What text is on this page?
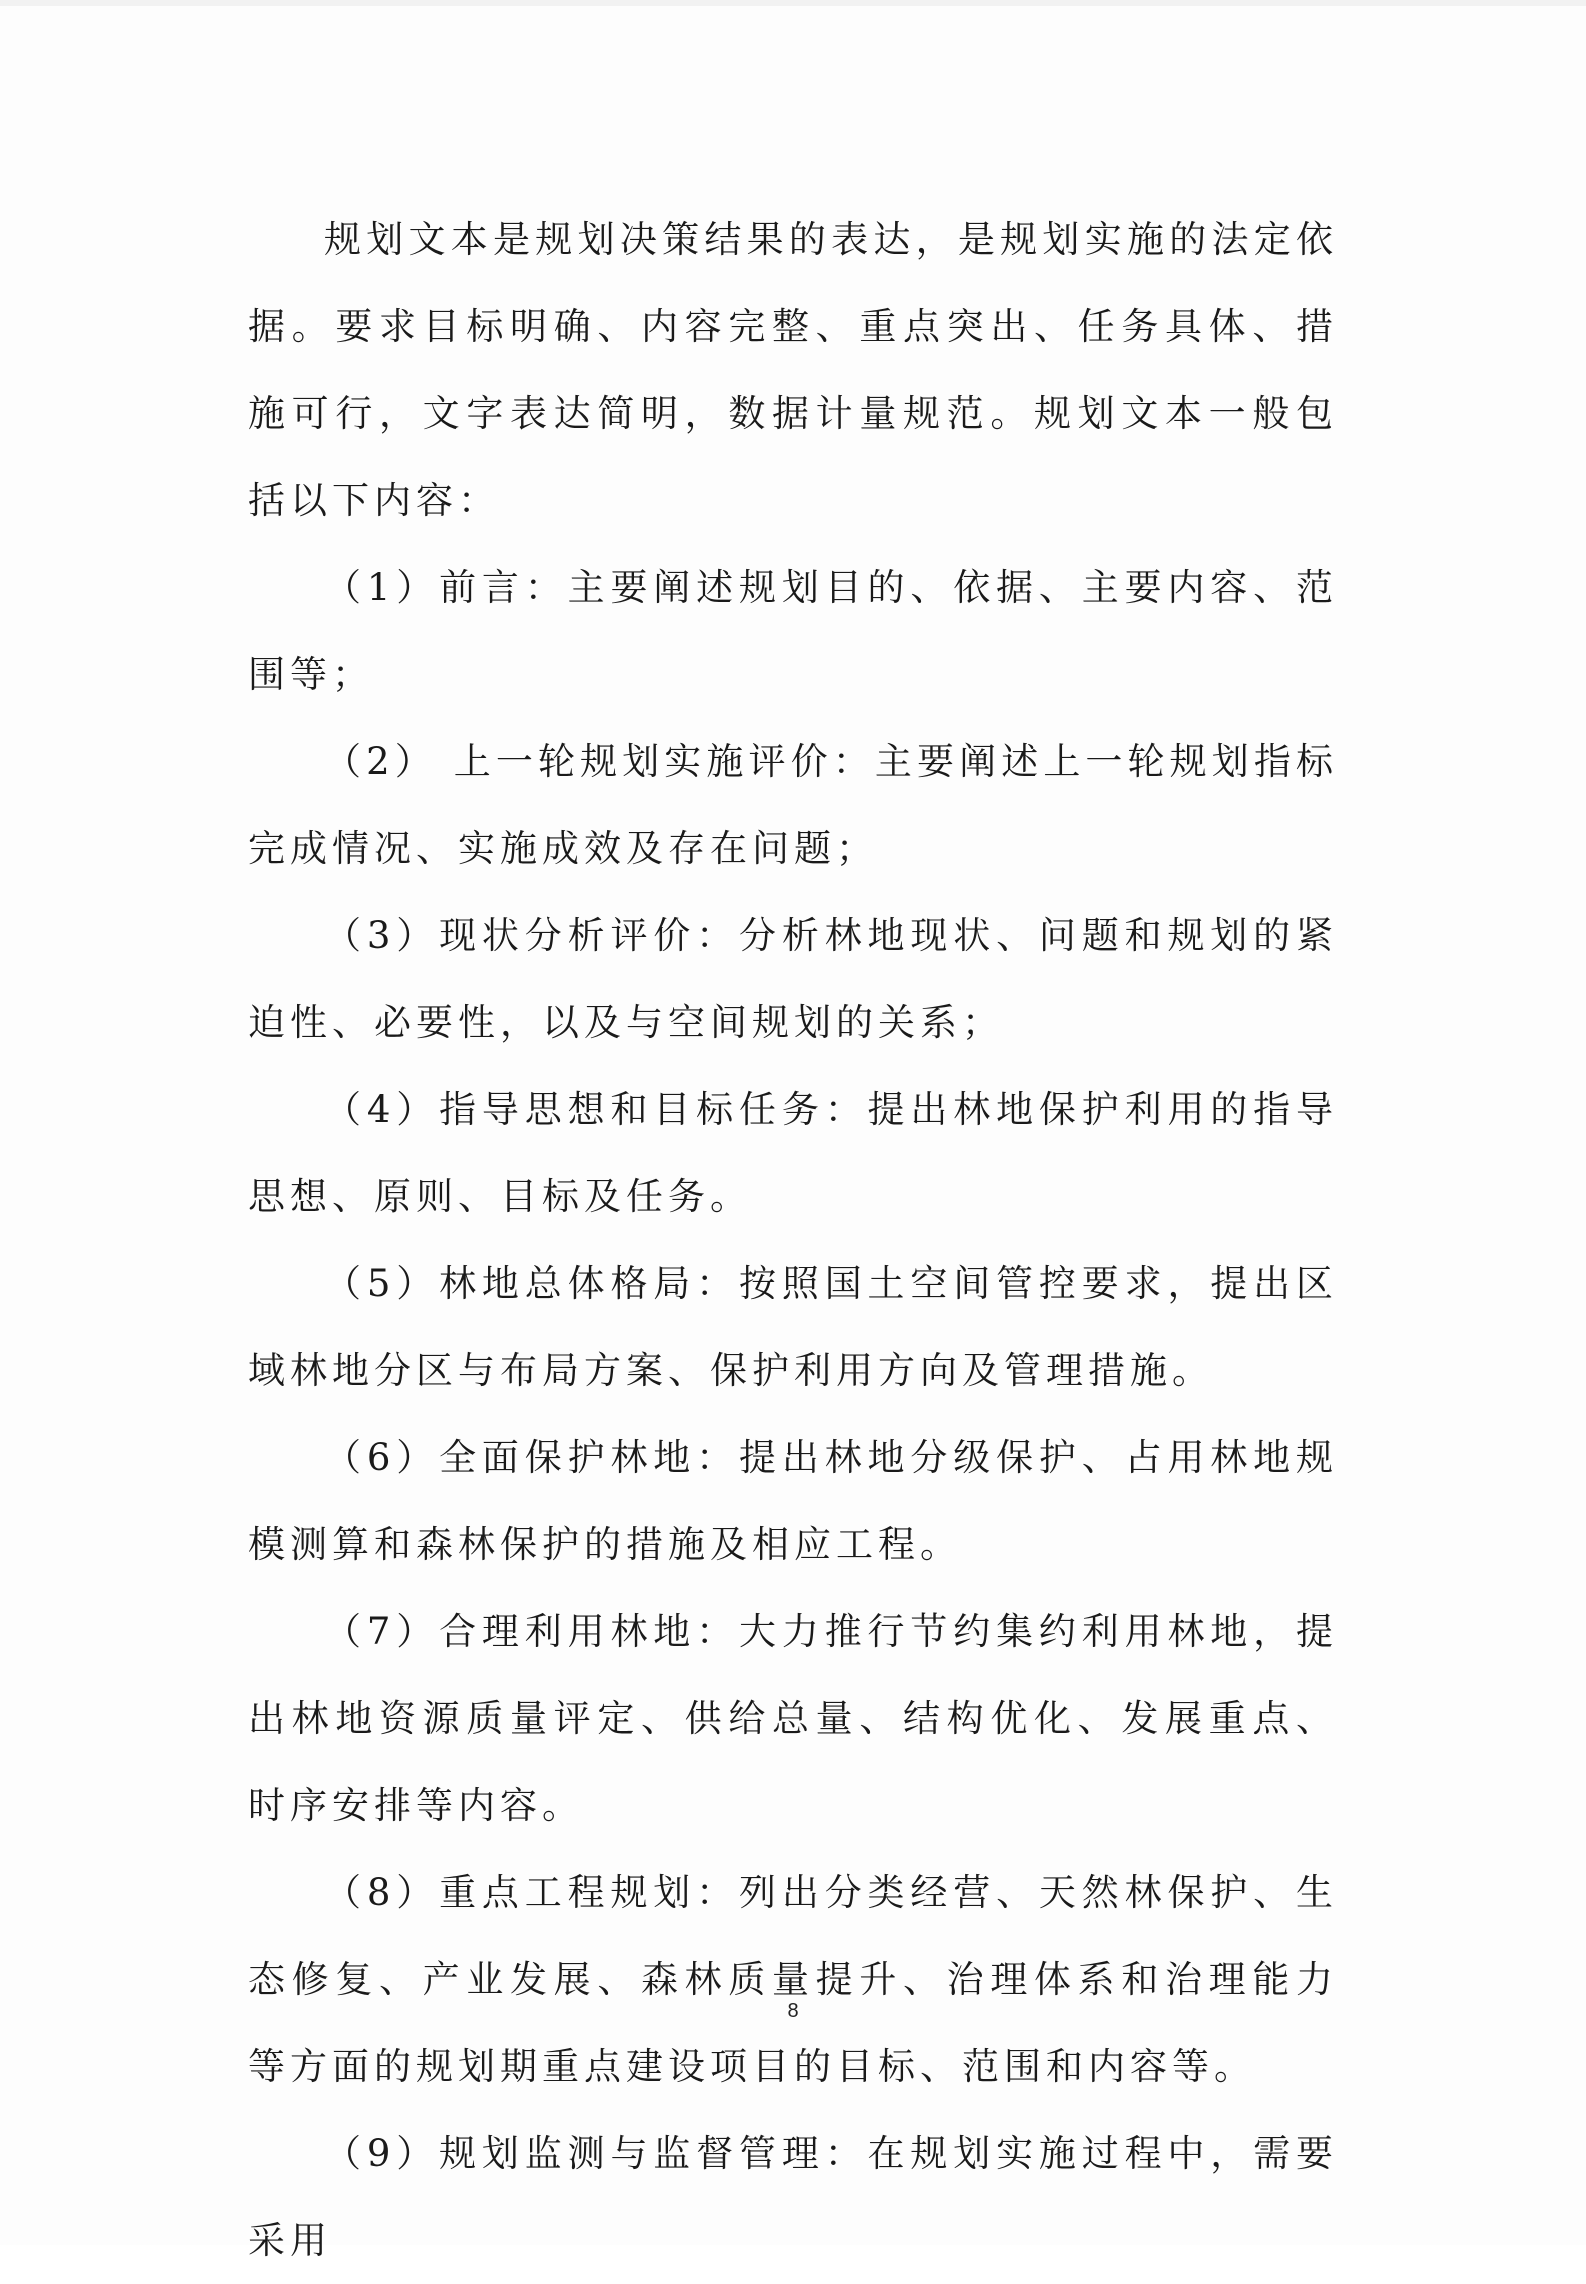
规划文本是规划决策结果的表达，是规划实施的法定依据。要求目标明确、内容完整、重点突出、任务具体、措施可行，文字表达简明，数据计量规范。规划文本一般包括以下内容：

（1）前言：主要阐述规划目的、依据、主要内容、范围等；

（2） 上一轮规划实施评价：主要阐述上一轮规划指标完成情况、实施成效及存在问题；

（3）现状分析评价：分析林地现状、问题和规划的紧迫性、必要性，以及与空间规划的关系；

（4）指导思想和目标任务：提出林地保护利用的指导思想、原则、目标及任务。

（5）林地总体格局：按照国土空间管控要求，提出区域林地分区与布局方案、保护利用方向及管理措施。

（6）全面保护林地：提出林地分级保护、占用林地规模测算和森林保护的措施及相应工程。

（7）合理利用林地：大力推行节约集约利用林地，提出林地资源质量评定、供给总量、结构优化、发展重点、时序安排等内容。

（8）重点工程规划：列出分类经营、天然林保护、生态修复、产业发展、森林质量提升、治理体系和治理能力等方面的规划期重点建设项目的目标、范围和内容等。

（9）规划监测与监督管理：在规划实施过程中，需要采用

8
